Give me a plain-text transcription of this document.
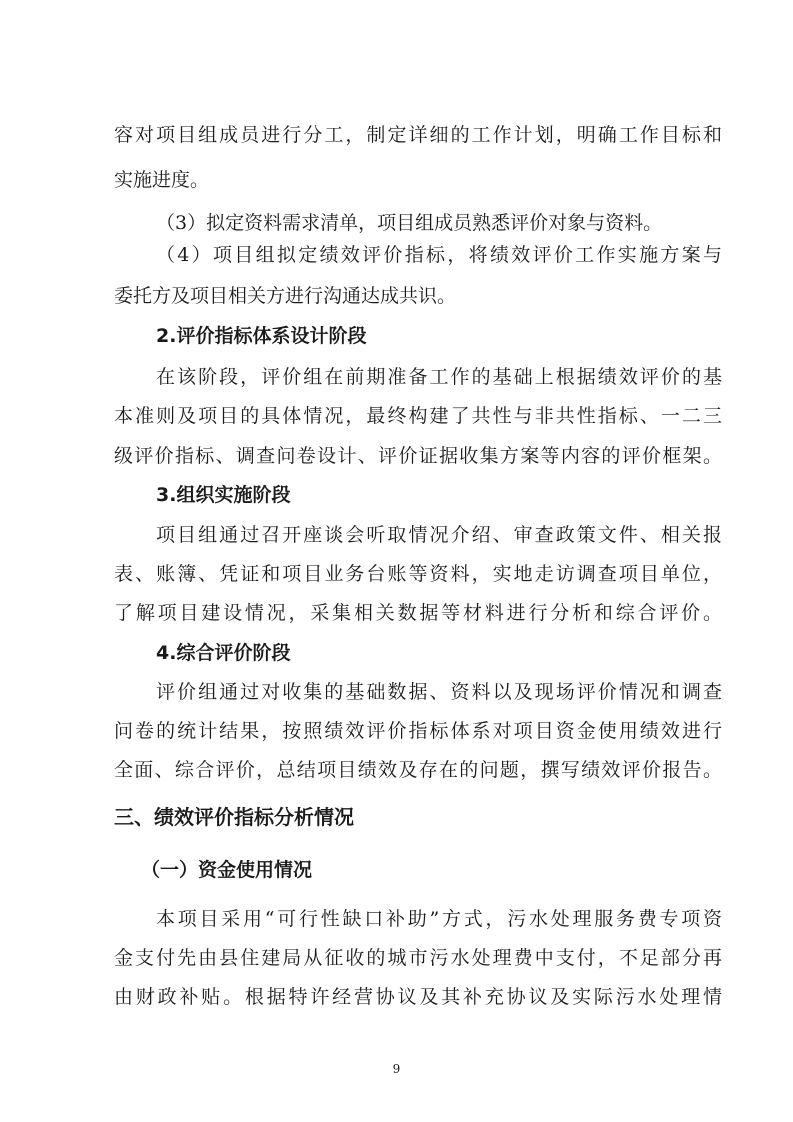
容对项目组成员进行分工，制定详细的工作计划，明确工作目标和
实施进度。
（3）拟定资料需求清单，项目组成员熟悉评价对象与资料。
（4）项目组拟定绩效评价指标，将绩效评价工作实施方案与
委托方及项目相关方进行沟通达成共识。
2.评价指标体系设计阶段
在该阶段，评价组在前期准备工作的基础上根据绩效评价的基
本准则及项目的具体情况，最终构建了共性与非共性指标、一二三
级评价指标、调查问卷设计、评价证据收集方案等内容的评价框架。
3.组织实施阶段
项目组通过召开座谈会听取情况介绍、审查政策文件、相关报
表、账簿、凭证和项目业务台账等资料，实地走访调查项目单位，
了解项目建设情况，采集相关数据等材料进行分析和综合评价。
4.综合评价阶段
评价组通过对收集的基础数据、资料以及现场评价情况和调查
问卷的统计结果，按照绩效评价指标体系对项目资金使用绩效进行
全面、综合评价，总结项目绩效及存在的问题，撰写绩效评价报告。
三、绩效评价指标分析情况
（一）资金使用情况
本项目采用“可行性缺口补助”方式，污水处理服务费专项资
金支付先由县住建局从征收的城市污水处理费中支付，不足部分再
由财政补贴。根据特许经营协议及其补充协议及实际污水处理情
9
